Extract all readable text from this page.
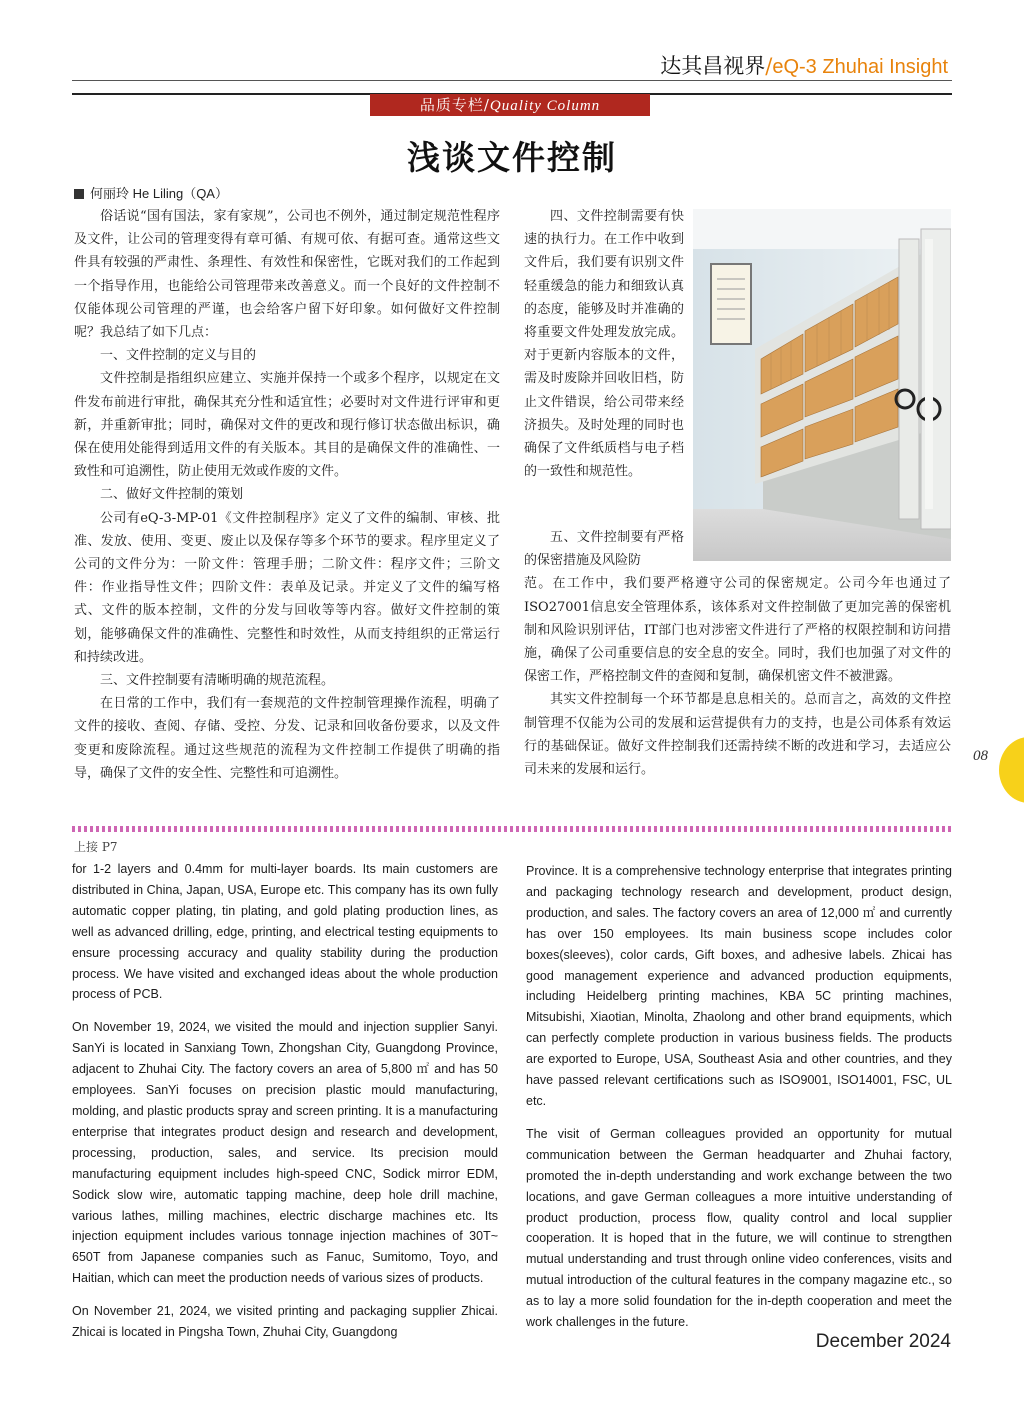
达其昌视界/eQ-3 Zhuhai Insight
品质专栏/Quality Column
浅谈文件控制
何丽玲 He Liling（QA）

俗话说“国有国法，家有家规”，公司也不例外，通过制定规范性程序及文件，让公司的管理变得有章可循、有规可依、有据可查。通常这些文件具有较强的严肃性、条理性、有效性和保密性，它既对我们的工作起到一个指导作用，也能给公司管理带来改善意义。而一个良好的文件控制不仅能体现公司管理的严谨，也会给客户留下好印象。如何做好文件控制呢？我总结了如下几点：

一、文件控制的定义与目的

文件控制是指组织应建立、实施并保持一个或多个程序，以规定在文件发布前进行审批，确保其充分性和适宜性；必要时对文件进行评审和更新，并重新审批；同时，确保对文件的更改和现行修订状态做出标识，确保在使用处能得到适用文件的有关版本。其目的是确保文件的准确性、一致性和可追溯性，防止使用无效或作废的文件。

二、做好文件控制的策划

公司有eQ-3-MP-01《文件控制程序》定义了文件的编制、审核、批准、发放、使用、变更、废止以及保存等多个环节的要求。程序里定义了公司的文件分为：一阶文件：管理手册；二阶文件：程序文件；三阶文件：作业指导性文件；四阶文件：表单及记录。并定义了文件的编写格式、文件的版本控制，文件的分发与回收等等内容。做好文件控制的策划，能够确保文件的准确性、完整性和时效性，从而支持组织的正常运行和持续改进。

三、文件控制要有清晰明确的规范流程。

在日常的工作中，我们有一套规范的文件控制管理操作流程，明确了文件的接收、查阅、存储、受控、分发、记录和回收备份要求，以及文件变更和废除流程。通过这些规范的流程为文件控制工作提供了明确的指导，确保了文件的安全性、完整性和可追溯性。

四、文件控制需要有快速的执行力。在工作中收到文件后，我们要有识别文件轻重缓急的能力和细致认真的态度，能够及时并准确的将重要文件处理发放完成。对于更新内容版本的文件，需及时废除并回收旧档，防止文件错误，给公司带来经济损失。及时处理的同时也确保了文件纸质档与电子档的一致性和规范性。

五、文件控制要有严格的保密措施及风险防

范。在工作中，我们要严格遵守公司的保密规定。公司今年也通过了ISO27001信息安全管理体系，该体系对文件控制做了更加完善的保密机制和风险识别评估，IT部门也对涉密文件进行了严格的权限控制和访问措施，确保了公司重要信息的安全息的安全。同时，我们也加强了对文件的保密工作，严格控制文件的查阅和复制，确保机密文件不被泄露。

其实文件控制每一个环节都是息息相关的。总而言之，高效的文件控制管理不仅能为公司的发展和运营提供有力的支持，也是公司体系有效运行的基础保证。做好文件控制我们还需持续不断的改进和学习，去适应公司未来的发展和运行。

上接 P7

for 1-2 layers and 0.4mm for multi-layer boards. Its main customers are distributed in China, Japan, USA, Europe etc. This company has its own fully automatic copper plating, tin plating, and gold plating production lines, as well as advanced drilling, edge, printing, and electrical testing equipments to ensure processing accuracy and quality stability during the production process. We have visited and exchanged ideas about the whole production process of PCB.

On November 19, 2024, we visited the mould and injection supplier Sanyi. SanYi is located in Sanxiang Town, Zhongshan City, Guangdong Province, adjacent to Zhuhai City. The factory covers an area of 5,800 ㎡ and has 50 employees. SanYi focuses on precision plastic mould manufacturing, molding, and plastic products spray and screen printing. It is a manufacturing enterprise that integrates product design and research and development, processing, production, sales, and service. Its precision mould manufacturing equipment includes high-speed CNC, Sodick mirror EDM, Sodick slow wire, automatic tapping machine, deep hole drill machine, various lathes, milling machines, electric discharge machines etc. Its injection equipment includes various tonnage injection machines of 30T~ 650T from Japanese companies such as Fanuc, Sumitomo, Toyo, and Haitian, which can meet the production needs of various sizes of products.

On November 21, 2024, we visited printing and packaging supplier Zhicai. Zhicai is located in Pingsha Town, Zhuhai City, Guangdong

Province. It is a comprehensive technology enterprise that integrates printing and packaging technology research and development, product design, production, and sales. The factory covers an area of 12,000 ㎡ and currently has over 150 employees. Its main business scope includes color boxes(sleeves), color cards, Gift boxes, and adhesive labels. Zhicai has good management experience and advanced production equipments, including Heidelberg printing machines, KBA 5C printing machines, Mitsubishi, Xiaotian, Minolta, Zhaolong and other brand equipments, which can perfectly complete production in various business fields. The products are exported to Europe, USA, Southeast Asia and other countries, and they have passed relevant certifications such as ISO9001, ISO14001, FSC, UL etc.

The visit of German colleagues provided an opportunity for mutual communication between the German headquarter and Zhuhai factory, promoted the in-depth understanding and work exchange between the two locations, and gave German colleagues a more intuitive understanding of product production, process flow, quality control and local supplier cooperation. It is hoped that in the future, we will continue to strengthen mutual understanding and trust through online video conferences, visits and mutual introduction of the cultural features in the company magazine etc., so as to lay a more solid foundation for the in-depth cooperation and meet the work challenges in the future.

08
December 2024
